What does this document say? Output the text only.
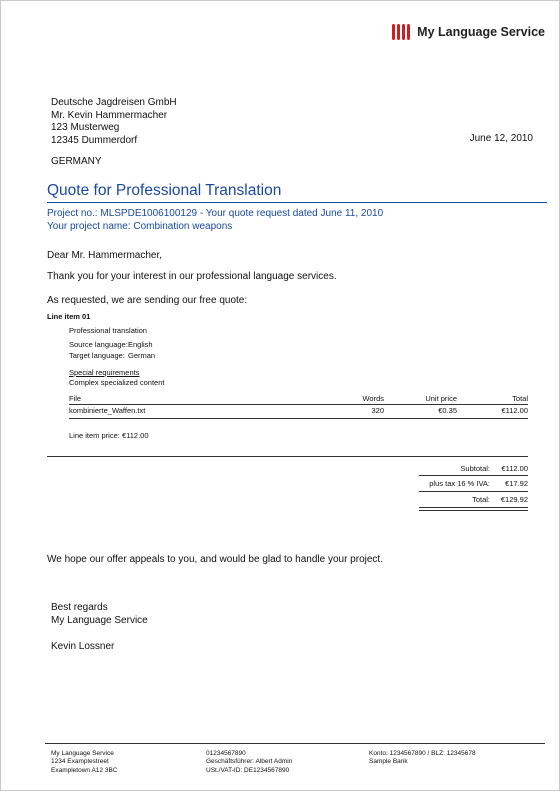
My Language Service
Deutsche Jagdreisen GmbH
Mr. Kevin Hammermacher
123 Musterweg
12345 Dummerdorf
GERMANY
June 12, 2010
Quote for Professional Translation
Project no.: MLSPDE1006100129 - Your quote request dated June 11, 2010
Your project name: Combination weapons
Dear Mr. Hammermacher,
Thank you for your interest in our professional language services.
As requested, we are sending our free quote:
Line item 01
Professional translation
Source language:English
Target language: German
Special requirements
Complex specialized content
File	Words	Unit price	Total
kombinierte_Waffen.txt	320	€0.35	€112.00
Line item price: €112.00
Subtotal:	€112.00
plus tax 16 % IVA:	€17.92
Total:	€129.92
We hope our offer appeals to you, and would be glad to handle your project.
Best regards
My Language Service
Kevin Lossner
My Language Service
1234 Examplestreet
Exampletown A12 3BC
01234567890
Geschäftsführer: Albert Admin
USt./VAT-ID: DE1234567890
Konto: 1234567890 / BLZ: 12345678
Sample Bank
